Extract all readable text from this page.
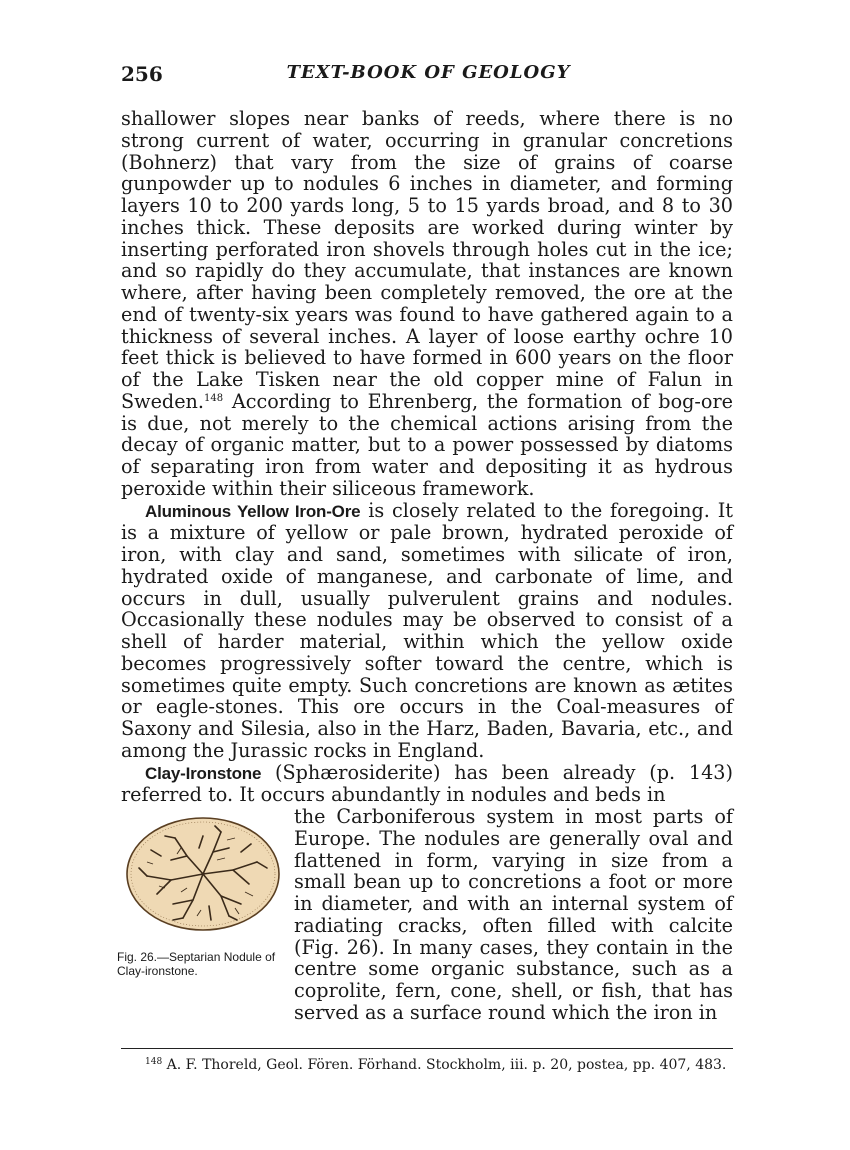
256	TEXT-BOOK OF GEOLOGY

shallower slopes near banks of reeds, where there is no strong current of water, occurring in granular concretions (Bohnerz) that vary from the size of grains of coarse gunpowder up to nodules 6 inches in diameter, and forming layers 10 to 200 yards long, 5 to 15 yards broad, and 8 to 30 inches thick. These deposits are worked during winter by inserting perforated iron shovels through holes cut in the ice; and so rapidly do they accumulate, that instances are known where, after having been completely removed, the ore at the end of twenty-six years was found to have gathered again to a thickness of several inches. A layer of loose earthy ochre 10 feet thick is believed to have formed in 600 years on the floor of the Lake Tisken near the old copper mine of Falun in Sweden.$^{148}$ According to Ehrenberg, the formation of bog-ore is due, not merely to the chemical actions arising from the decay of organic matter, but to a power possessed by diatoms of separating iron from water and depositing it as hydrous peroxide within their siliceous framework.

Aluminous Yellow Iron-Ore is closely related to the foregoing. It is a mixture of yellow or pale brown, hydrated peroxide of iron, with clay and sand, sometimes with silicate of iron, hydrated oxide of manganese, and carbonate of lime, and occurs in dull, usually pulverulent grains and nodules. Occasionally these nodules may be observed to consist of a shell of harder material, within which the yellow oxide becomes progressively softer toward the centre, which is sometimes quite empty. Such concretions are known as ætites or eagle-stones. This ore occurs in the Coal-measures of Saxony and Silesia, also in the Harz, Baden, Bavaria, etc., and among the Jurassic rocks in England.

Clay-Ironstone (Sphærosiderite) has been already (p. 143) referred to. It occurs abundantly in nodules and beds in

Fig. 26.—Septarian Nodule of Clay-ironstone.

the Carboniferous system in most parts of Europe. The nodules are generally oval and flattened in form, varying in size from a small bean up to concretions a foot or more in diameter, and with an internal system of radiating cracks, often filled with calcite (Fig. 26). In many cases, they contain in the centre some organic substance, such as a coprolite, fern, cone, shell, or fish, that has served as a surface round which the iron in

$^{148}$ A. F. Thoreld, Geol. Fören. Förhand. Stockholm, iii. p. 20, postea, pp. 407, 483.
